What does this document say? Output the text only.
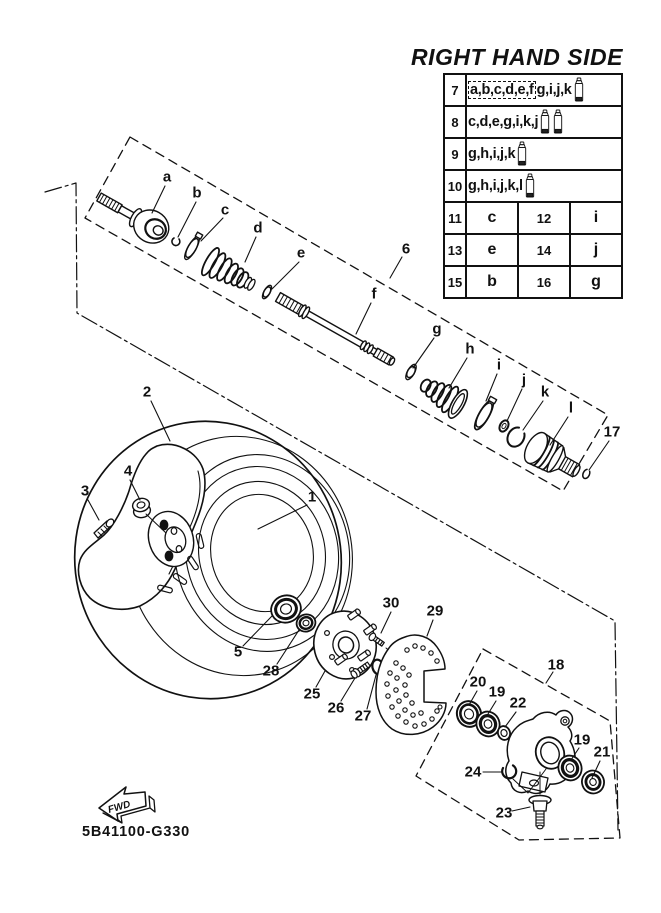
FWD
RIGHT HAND SIDE
7	a,b,c,d,e,f g,i,j,k		

8	c,d,e,g,i,k,j		

9	g,h,i,j,k		

10	g,h,i,j,k,l		

11	c	12	i
13	e	14	j
15	b	16	g
a
b
c
d
e
f
g
h
i
j
k
l
6
17
2
1
3
4
5
28
25
26 27
30 29
18
20
19
22
19
21
24
23
5B41100-G330
